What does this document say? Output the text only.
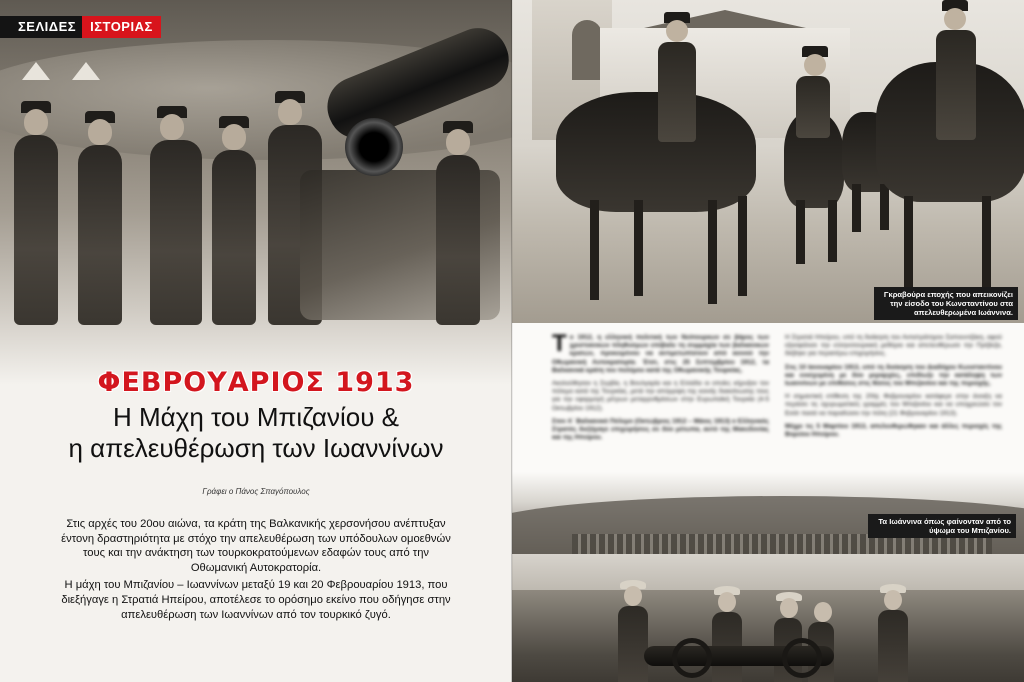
ΣΕΛΙΔΕΣ	ΙΣΤΟΡΙΑΣ
ΦΕΒΡΟΥΑΡΙΟΣ 1913
Η Μάχη του Μπιζανίου &
η απελευθέρωση των Ιωαννίνων
Γράφει ο Πάνος Σπαγόπουλος

Στις αρχές του 20ου αιώνα, τα κράτη της Βαλκανικής χερσονήσου ανέπτυξαν έντονη δραστηριότητα με στόχο την απελευθέρωση των υπόδουλων ομοεθνών τους και την ανάκτηση των τουρκοκρατούμενων εδαφών τους από την Οθωμανική Αυτοκρατορία.

Η μάχη του Μπιζανίου – Ιωαννίνων μεταξύ 19 και 20 Φεβρουαρίου 1913, που διεξήγαγε η Στρατιά Ηπείρου, αποτέλεσε το ορόσημο εκείνο που οδήγησε στην απελευθέρωση των Ιωαννίνων από τον τουρκικό ζυγό.

Γκραβούρα εποχής που απεικονίζει την είσοδο του Κωνσταντίνου στα απελευθερωμένα Ιωάννινα.

Το 1912, η ελληνική πολιτική των Νεότουρκων σε βάρος των χριστιανικών πληθυσμών επέβαλε τη συμμαχία των βαλκανικών κρατών, προκειμένου να αντιμετωπίσουν από κοινού την Οθωμανική Αυτοκρατορία. Έτσι, στις 25 Σεπτεμβρίου 1912, τα Βαλκανικά κράτη του πολέμου κατά της Οθωμανικής Τουρκίας.

Ακολούθησαν η Σερβία, η Βουλγαρία και η Ελλάδα οι οποίες κήρυξαν τον πόλεμο κατά της Τουρκίας, μετά την απόρριψη της κοινής διακοίνωσης τους για την εφαρμογή μέτρων μεταρρυθμίσεων στην Ευρωπαϊκή Τουρκία (4-5 Οκτωβρίου 1912).

Στον Α΄ Βαλκανικό Πόλεμο (Οκτώβριος 1912 – Μάιος 1913) ο Ελληνικός Στρατός διεξήγαγε επιχειρήσεις σε δύο μέτωπα, αυτό της Μακεδονίας και της Ηπείρου.

Η Στρατιά Ηπείρου, υπό τη διοίκηση του Αντιστράτηγου Σαπουντζάκη, αφού εξασφάλισε την ελληνοτουρκική μεθόριο και απελευθέρωσε την Πρέβεζα, διέβηκε για περαιτέρω επιχειρήσεις.

Στις 10 Ιανουαρίου 1913, υπό τη διοίκηση του Διαδόχου Κωνσταντίνου και ενισχυμένη με δύο μεραρχίες, επιδίωξε την κατάληψη των Ιωαννίνων με επιθέσεις στις θέσεις του Μπιζανίου και της περιοχής.

Η σημαντική επίθεση της 20ής Φεβρουαρίου κατάφερε στην άνοιξη να περάσει τις οχυρωματικές γραμμές του Μπιζανίου και να υποχρεώσει τον Εσάτ πασά να παραδώσει την πόλη (21 Φεβρουαρίου 1913).

Μέχρι τις 5 Μαρτίου 1913, απελευθερώθηκαν και άλλες περιοχές της Βορείου Ηπείρου.

Τα Ιωάννινα όπως φαίνονταν από το ύψωμα του Μπιζανίου.
